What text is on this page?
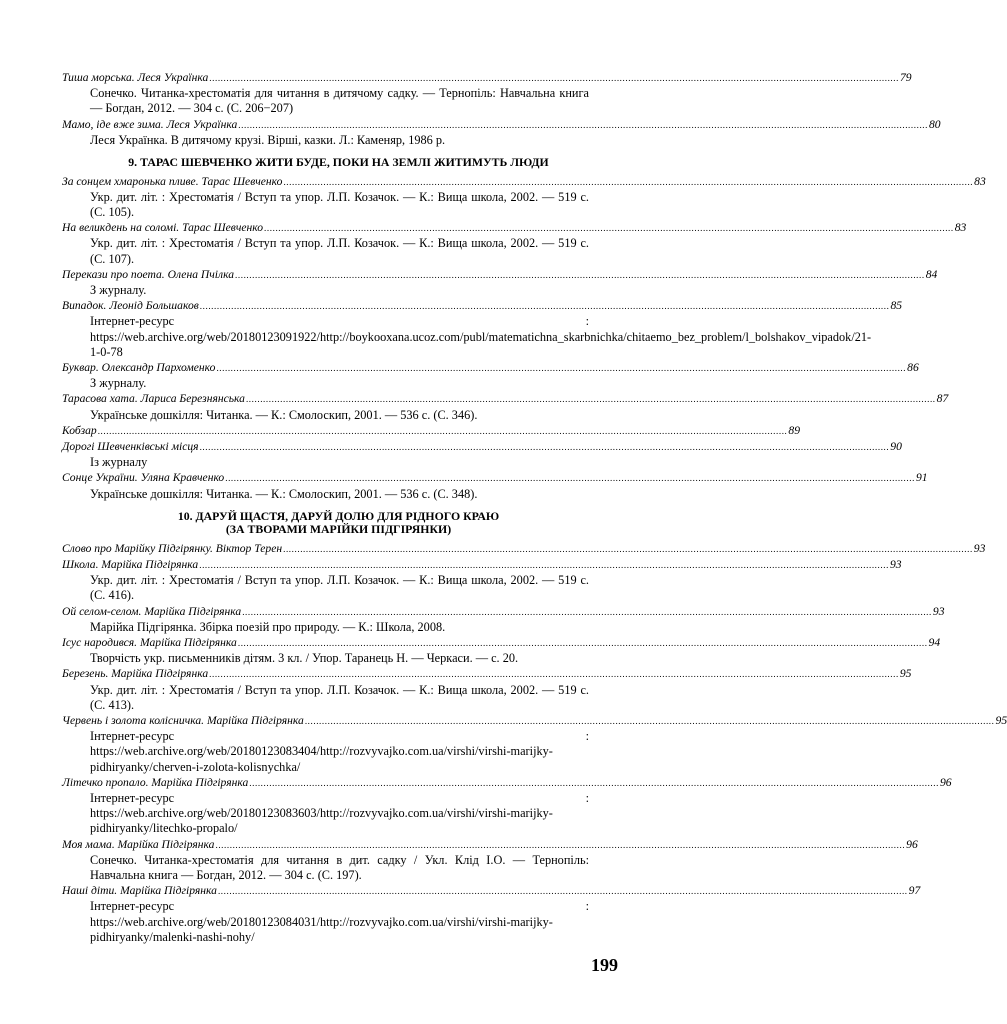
Тиша морська. Леся Українка .....	79
Сонечко. Читанка-хрестоматія для читання в дитячому садку. — Тернопіль: Навчальна книга — Богдан, 2012. — 304 с. (С. 206−207)
Мамо, іде вже зима. Леся Українка .....	80
Леся Українка. В дитячому крузі. Вірші, казки. Л.: Каменяр, 1986 р.
9. ТАРАС ШЕВЧЕНКО ЖИТИ БУДЕ, ПОКИ НА ЗЕМЛІ ЖИТИМУТЬ ЛЮДИ
За сонцем хмаронька пливе. Тарас Шевченко .....	83
Укр. дит. літ. : Хрестоматія / Вступ та упор. Л.П. Козачок. — К.: Вища школа, 2002. — 519 с. (С. 105).
На великдень на соломі. Тарас Шевченко .....	83
Укр. дит. літ. : Хрестоматія / Вступ та упор. Л.П. Козачок. — К.: Вища школа, 2002. — 519 с. (С. 107).
Перекази про поета. Олена Пчілка .....	84
З журналу.
Випадок. Леонід Большаков .....	85
Інтернет-ресурс : https://web.archive.org/web/20180123091922/http://boykooxana.ucoz.com/publ/matematichna_skarbnichka/chitaemo_bez_problem/l_bolshakov_vipadok/21-1-0-78
Буквар. Олександр Пархоменко .....	86
З журналу.
Тарасова хата. Лариса Березнянська .....	87
Українське дошкілля: Читанка. — К.: Смолоскип, 2001. — 536 с. (С. 346).
Кобзар .....	89
Дорогі Шевченківські місця .....	90
Із журналу
Сонце України. Уляна Кравченко .....	91
Українське дошкілля: Читанка. — К.: Смолоскип, 2001. — 536 с. (С. 348).
10. ДАРУЙ ЩАСТЯ, ДАРУЙ ДОЛЮ ДЛЯ РІДНОГО КРАЮ
(ЗА ТВОРАМИ МАРІЙКИ ПІДГІРЯНКИ)
Слово про Марійку Підгірянку. Віктор Терен .....	93
Школа. Марійка Підгірянка .....	93
Укр. дит. літ. : Хрестоматія / Вступ та упор. Л.П. Козачок. — К.: Вища школа, 2002. — 519 с. (С. 416).
Ой селом-селом. Марійка Підгірянка .....	93
Марійка Підгірянка. Збірка поезій про природу. — К.: Школа, 2008.
Ісус народився. Марійка Підгірянка .....	94
Творчість укр. письменників дітям. 3 кл. / Упор. Таранець Н. — Черкаси. — с. 20.
Березень. Марійка Підгірянка .....	95
Укр. дит. літ. : Хрестоматія / Вступ та упор. Л.П. Козачок. — К.: Вища школа, 2002. — 519 с. (С. 413).
Червень і золота колісничка. Марійка Підгірянка .....	95
Інтернет-ресурс : https://web.archive.org/web/20180123083404/http://rozvyvajko.com.ua/virshi/virshi-marijky-pidhiryanky/cherven-i-zolota-kolisnychka/
Літечко пропало. Марійка Підгірянка .....	96
Інтернет-ресурс : https://web.archive.org/web/20180123083603/http://rozvyvajko.com.ua/virshi/virshi-marijky-pidhiryanky/litechko-propalo/
Моя мама. Марійка Підгірянка .....	96
Сонечко. Читанка-хрестоматія для читання в дит. садку / Укл. Клід І.О. — Тернопіль: Навчальна книга — Богдан, 2012. — 304 с. (С. 197).
Наші діти. Марійка Підгірянка .....	97
Інтернет-ресурс : https://web.archive.org/web/20180123084031/http://rozvyvajko.com.ua/virshi/virshi-marijky-pidhiryanky/malenki-nashi-nohy/
199
